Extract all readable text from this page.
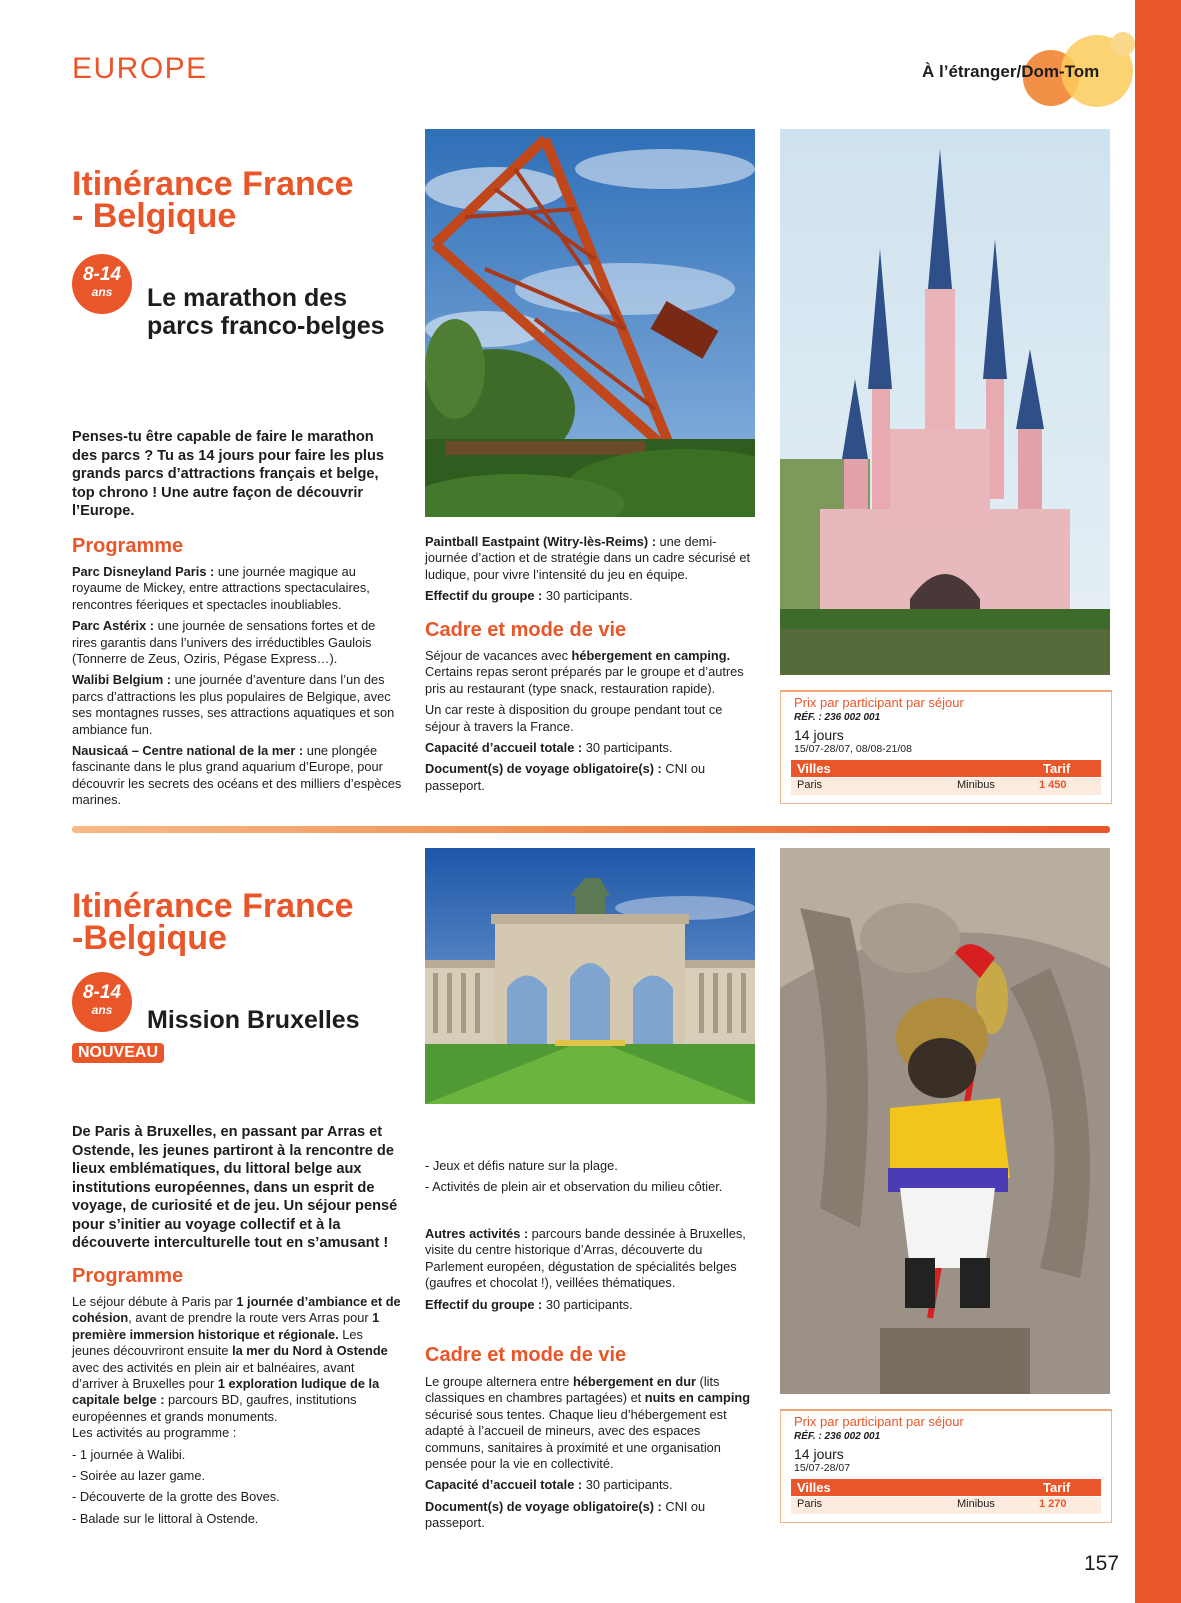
EUROPE	À l’étranger/Dom-Tom
Itinérance France
- Belgique
8-14
ans	Le marathon des parcs franco-belges
Penses-tu être capable de faire le marathon des parcs ? Tu as 14 jours pour faire les plus grands parcs d’attractions français et belge, top chrono ! Une autre façon de découvrir l’Europe.
Programme

Parc Disneyland Paris : une journée magique au royaume de Mickey, entre attractions spectaculaires, rencontres féeriques et spectacles inoubliables.

Parc Astérix : une journée de sensations fortes et de rires garantis dans l’univers des irréductibles Gaulois (Tonnerre de Zeus, Oziris, Pégase Express…).

Walibi Belgium : une journée d’aventure dans l’un des parcs d’attractions les plus populaires de Belgique, avec ses montagnes russes, ses attractions aquatiques et son ambiance fun.

Nausicaá – Centre national de la mer : une plongée fascinante dans le plus grand aquarium d’Europe, pour découvrir les secrets des océans et des milliers d’espèces marines.

Paintball Eastpaint (Witry-lès-Reims) : une demi-journée d’action et de stratégie dans un cadre sécurisé et ludique, pour vivre l’intensité du jeu en équipe.

Effectif du groupe : 30 participants.

Cadre et mode de vie

Séjour de vacances avec hébergement en camping. Certains repas seront préparés par le groupe et d’autres pris au restaurant (type snack, restauration rapide).

Un car reste à disposition du groupe pendant tout ce séjour à travers la France.

Capacité d’accueil totale : 30 participants.

Document(s) de voyage obligatoire(s) : CNI ou passeport.

Prix par participant par séjour
RÉF. : 236 002 001
14 jours
15/07-28/07, 08/08-21/08
Villes	Tarif
Paris	Minibus	1 450
Itinérance France
-Belgique
8-14
ans	Mission Bruxelles
NOUVEAU
De Paris à Bruxelles, en passant par Arras et Ostende, les jeunes partiront à la rencontre de lieux emblématiques, du littoral belge aux institutions européennes, dans un esprit de voyage, de curiosité et de jeu. Un séjour pensé pour s’initier au voyage collectif et à la découverte interculturelle tout en s’amusant !
Programme

Le séjour débute à Paris par 1 journée d’ambiance et de cohésion, avant de prendre la route vers Arras pour 1 première immersion historique et régionale. Les jeunes découvriront ensuite la mer du Nord à Ostende avec des activités en plein air et balnéaires, avant d’arriver à Bruxelles pour 1 exploration ludique de la capitale belge : parcours BD, gaufres, institutions européennes et grands monuments.

Les activités au programme :

- 1 journée à Walibi.

- Soirée au lazer game.

- Découverte de la grotte des Boves.

- Balade sur le littoral à Ostende.

- Jeux et défis nature sur la plage.

- Activités de plein air et observation du milieu côtier.

Autres activités : parcours bande dessinée à Bruxelles, visite du centre historique d’Arras, découverte du Parlement européen, dégustation de spécialités belges (gaufres et chocolat !), veillées thématiques.

Effectif du groupe : 30 participants.

Cadre et mode de vie

Le groupe alternera entre hébergement en dur (lits classiques en chambres partagées) et nuits en camping sécurisé sous tentes. Chaque lieu d’hébergement est adapté à l’accueil de mineurs, avec des espaces communs, sanitaires à proximité et une organisation pensée pour la vie en collectivité.

Capacité d’accueil totale : 30 participants.

Document(s) de voyage obligatoire(s) : CNI ou passeport.

Prix par participant par séjour
RÉF. : 236 002 001
14 jours
15/07-28/07
Villes	Tarif
Paris	Minibus	1 270
157
